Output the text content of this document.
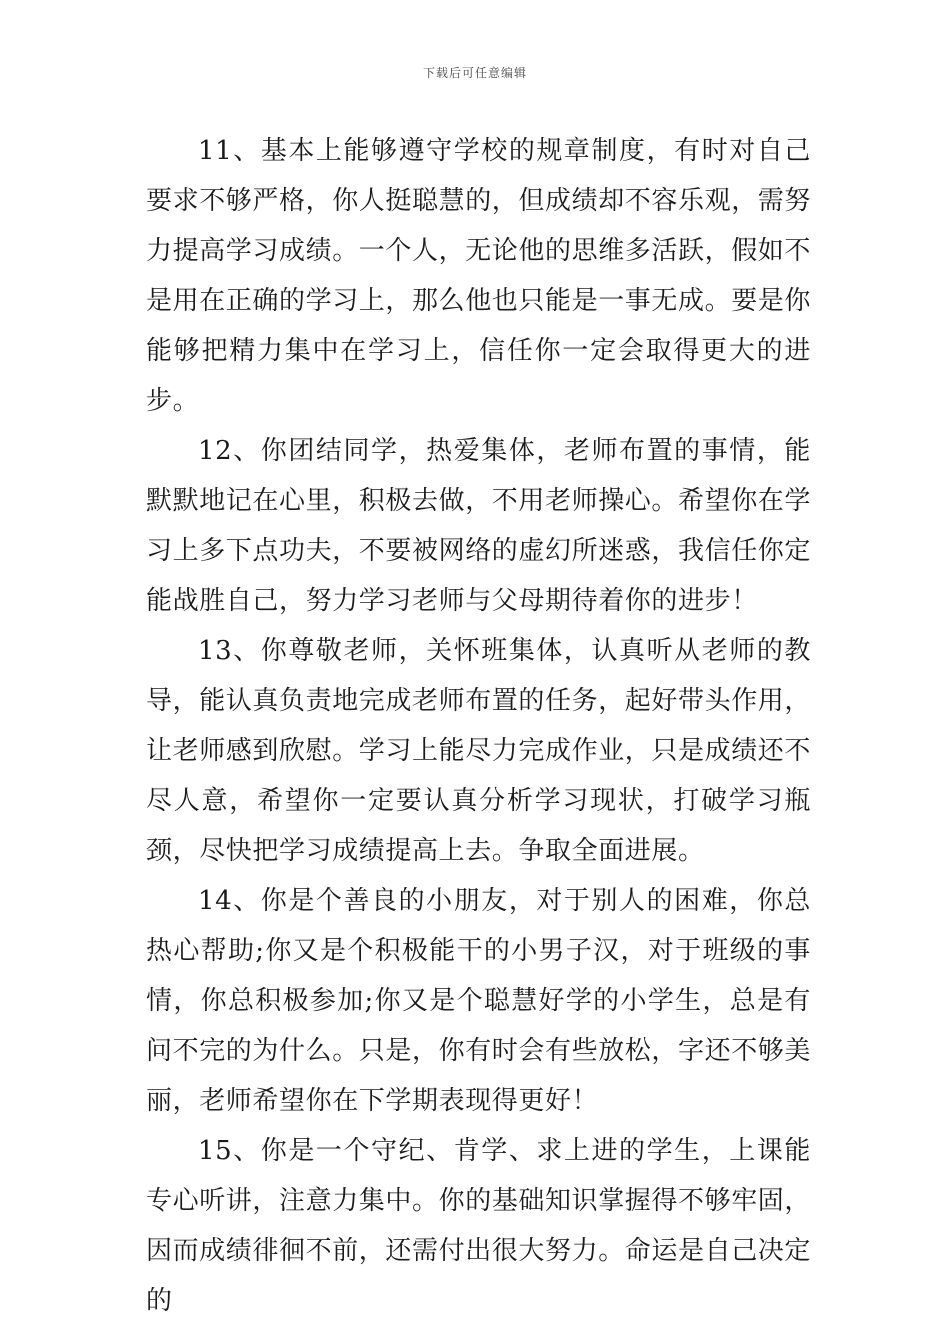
下载后可任意编辑

11、基本上能够遵守学校的规章制度，有时对自己要求不够严格，你人挺聪慧的，但成绩却不容乐观，需努力提高学习成绩。一个人，无论他的思维多活跃，假如不是用在正确的学习上，那么他也只能是一事无成。要是你能够把精力集中在学习上，信任你一定会取得更大的进步。

12、你团结同学，热爱集体，老师布置的事情，能默默地记在心里，积极去做，不用老师操心。希望你在学习上多下点功夫，不要被网络的虚幻所迷惑，我信任你定能战胜自己，努力学习老师与父母期待着你的进步！

13、你尊敬老师，关怀班集体，认真听从老师的教导，能认真负责地完成老师布置的任务，起好带头作用，让老师感到欣慰。学习上能尽力完成作业，只是成绩还不尽人意，希望你一定要认真分析学习现状，打破学习瓶颈，尽快把学习成绩提高上去。争取全面进展。

14、你是个善良的小朋友，对于别人的困难，你总热心帮助;你又是个积极能干的小男子汉，对于班级的事情，你总积极参加;你又是个聪慧好学的小学生，总是有问不完的为什么。只是，你有时会有些放松，字还不够美丽，老师希望你在下学期表现得更好！

15、你是一个守纪、肯学、求上进的学生，上课能专心听讲，注意力集中。你的基础知识掌握得不够牢固，因而成绩徘徊不前，还需付出很大努力。命运是自己决定的
